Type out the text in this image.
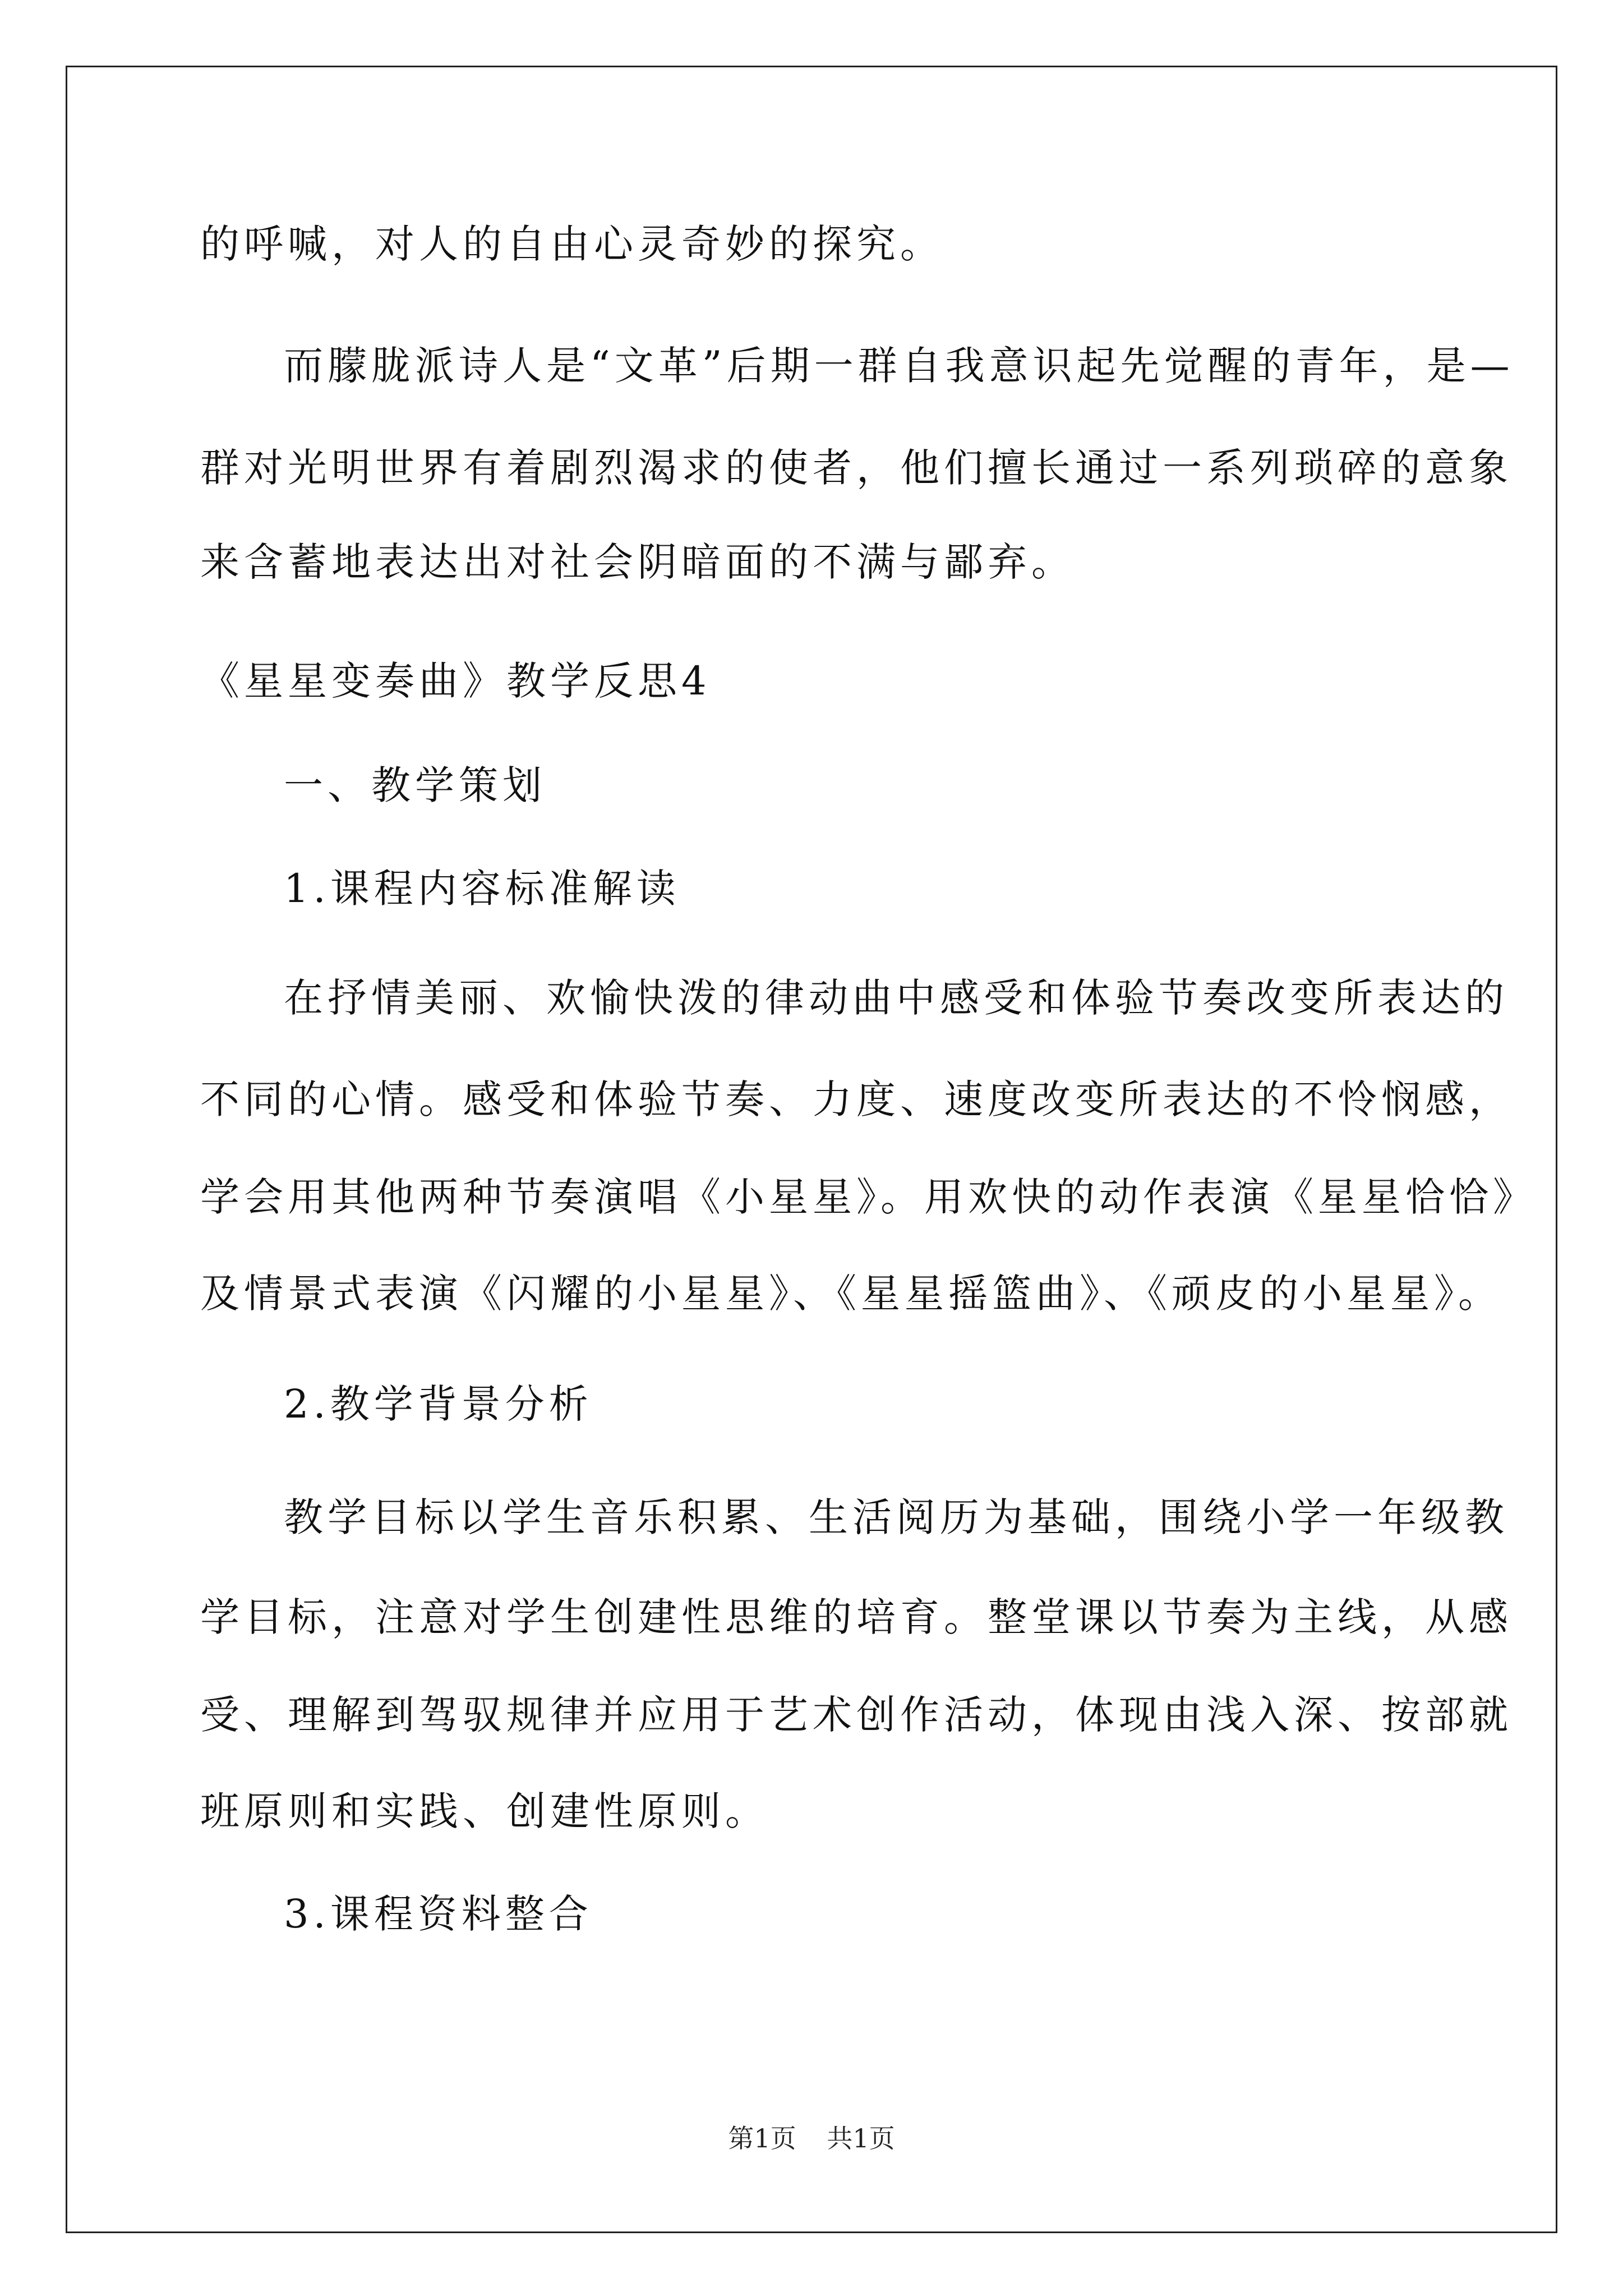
的呼喊，对人的自由心灵奇妙的探究。
而朦胧派诗人是“文革”后期一群自我意识起先觉醒的青年，是—
群对光明世界有着剧烈渴求的使者，他们擅长通过一系列琐碎的意象
来含蓄地表达出对社会阴暗面的不满与鄙弃。
《星星变奏曲》教学反思4
一、教学策划
1.课程内容标准解读
在抒情美丽、欢愉快泼的律动曲中感受和体验节奏改变所表达的
不同的心情。感受和体验节奏、力度、速度改变所表达的不怜悯感，
学会用其他两种节奏演唱《小星星》。用欢快的动作表演《星星恰恰》
及情景式表演《闪耀的小星星》、《星星摇篮曲》、《顽皮的小星星》。
2.教学背景分析
教学目标以学生音乐积累、生活阅历为基础，围绕小学一年级教
学目标，注意对学生创建性思维的培育。整堂课以节奏为主线，从感
受、理解到驾驭规律并应用于艺术创作活动，体现由浅入深、按部就
班原则和实践、创建性原则。
3.课程资料整合
第1页 共1页
